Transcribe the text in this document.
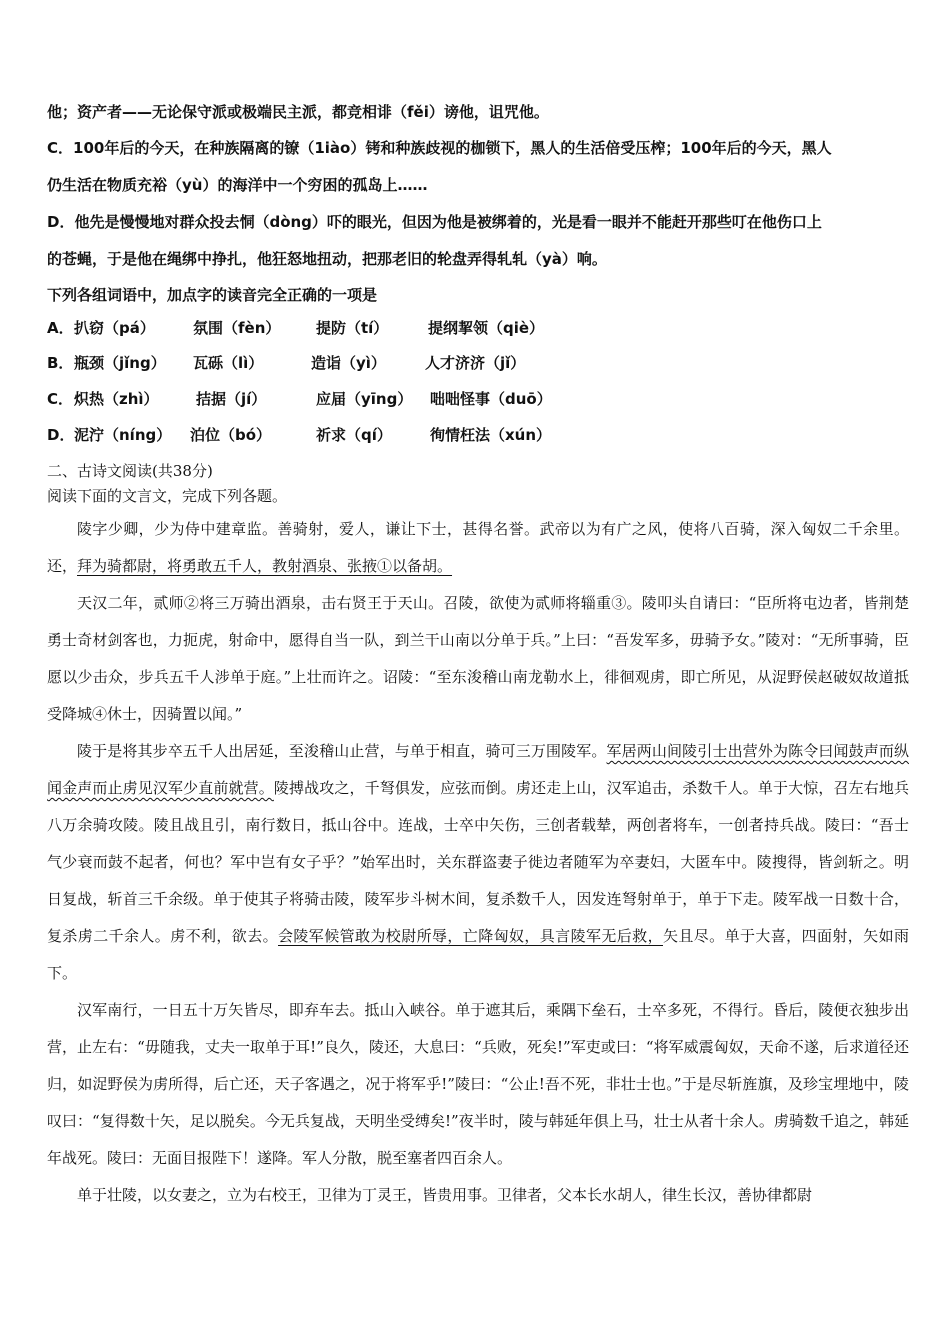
他；资产者——无论保守派或极端民主派，都竞相诽（fěi）谤他，诅咒他。
C．100年后的今天，在种族隔离的镣（1iào）铐和种族歧视的枷锁下，黑人的生活倍受压榨；100年后的今天，黑人
仍生活在物质充裕（yù）的海洋中一个穷困的孤岛上……
D．他先是慢慢地对群众投去恫（dòng）吓的眼光，但因为他是被绑着的，光是看一眼并不能赶开那些叮在他伤口上
的苍蝇，于是他在绳绑中挣扎，他狂怒地扭动，把那老旧的轮盘弄得轧轧（yà）响。
下列各组词语中，加点字的读音完全正确的一项是
A． 扒窃（pá）	氛围（fèn） 提防（tí）	提纲挈领（qiè）
B． 瓶颈（jǐng） 瓦砾（lì）	造诣（yì）	人才济济（jǐ）
C． 炽热（zhì） 拮据（jí）	应届（yīng） 咄咄怪事（duō）
D． 泥泞（níng） 泊位（bó）	祈求（qí）	徇情枉法（xún）
二、古诗文阅读(共38分)
阅读下面的文言文，完成下列各题。

陵字少卿，少为侍中建章监。善骑射，爱人，谦让下士，甚得名誉。武帝以为有广之风，使将八百骑，深入匈奴二千余里。还，拜为骑都尉，将勇敢五千人，教射酒泉、张掖①以备胡。

天汉二年，贰师②将三万骑出酒泉，击右贤王于天山。召陵，欲使为贰师将辎重③。陵叩头自请曰：“臣所将屯边者，皆荆楚勇士奇材剑客也，力扼虎，射命中，愿得自当一队，到兰干山南以分单于兵。”上曰：“吾发军多，毋骑予女。”陵对：“无所事骑，臣愿以少击众，步兵五千人涉单于庭。”上壮而许之。诏陵：“至东浚稽山南龙勒水上，徘徊观虏，即亡所见，从浞野侯赵破奴故道抵受降城④休士，因骑置以闻。”

陵于是将其步卒五千人出居延，至浚稽山止营，与单于相直，骑可三万围陵军。军居两山间陵引士出营外为陈令曰闻鼓声而纵闻金声而止虏见汉军少直前就营。陵搏战攻之，千弩俱发，应弦而倒。虏还走上山，汉军追击，杀数千人。单于大惊，召左右地兵八万余骑攻陵。陵且战且引，南行数日，抵山谷中。连战，士卒中矢伤，三创者载辇，两创者将车，一创者持兵战。陵曰：“吾士气少衰而鼓不起者，何也？军中岂有女子乎？”始军出时，关东群盗妻子徙边者随军为卒妻妇，大匿车中。陵搜得，皆剑斩之。明日复战，斩首三千余级。单于使其子将骑击陵，陵军步斗树木间，复杀数千人，因发连弩射单于，单于下走。陵军战一日数十合，复杀虏二千余人。虏不利，欲去。会陵军候管敢为校尉所辱，亡降匈奴，具言陵军无后救，矢且尽。单于大喜，四面射，矢如雨下。

汉军南行，一日五十万矢皆尽，即弃车去。抵山入峡谷。单于遮其后，乘隅下垒石，士卒多死，不得行。昏后，陵便衣独步出营，止左右：“毋随我，丈夫一取单于耳!”良久，陵还，大息曰：“兵败，死矣!”军吏或曰：“将军威震匈奴，天命不遂，后求道径还归，如浞野侯为虏所得，后亡还，天子客遇之，况于将军乎!”陵曰：“公止!吾不死，非壮士也。”于是尽斩旌旗，及珍宝埋地中，陵叹曰：“复得数十矢，足以脱矣。今无兵复战，天明坐受缚矣!”夜半时，陵与韩延年俱上马，壮士从者十余人。虏骑数千追之，韩延年战死。陵曰：无面目报陛下！遂降。军人分散，脱至塞者四百余人。

单于壮陵，以女妻之，立为右校王，卫律为丁灵王，皆贵用事。卫律者，父本长水胡人，律生长汉，善协律都尉
